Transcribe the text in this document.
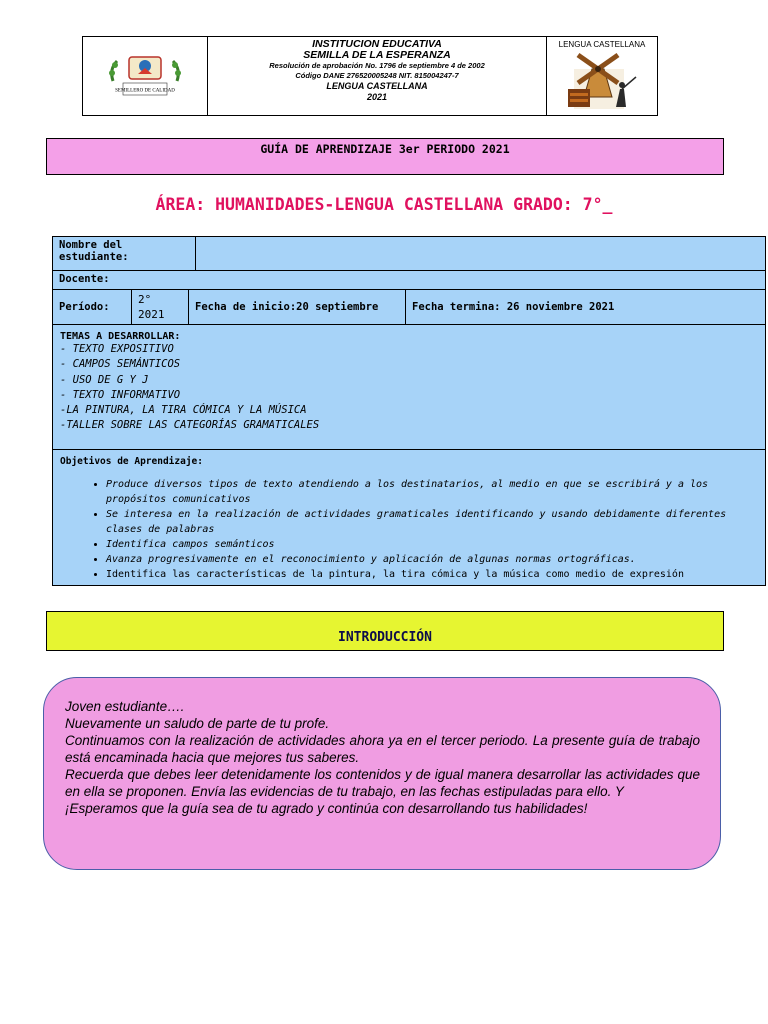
SEMILLERO DE CALIDAD
INSTITUCION EDUCATIVA
SEMILLA DE LA ESPERANZA
Resolución de aprobación No. 1796 de septiembre 4 de 2002
Código DANE 276520005248 NIT. 815004247-7
LENGUA CASTELLANA
2021
LENGUA CASTELLANA
GUÍA DE APRENDIZAJE 3er PERIODO 2021
ÁREA: HUMANIDADES-LENGUA CASTELLANA GRADO: 7°_
Nombre del estudiante:
Docente:
Período:
2° 2021
Fecha de inicio:20 septiembre	Fecha termina: 26 noviembre 2021
TEMAS A DESARROLLAR:
- TEXTO EXPOSITIVO
- CAMPOS SEMÁNTICOS
- USO DE G Y J
- TEXTO INFORMATIVO
-LA PINTURA, LA TIRA CÓMICA Y LA MÚSICA
-TALLER SOBRE LAS CATEGORÍAS GRAMATICALES
Objetivos de Aprendizaje:
• Produce diversos tipos de texto atendiendo a los destinatarios, al medio en que se escribirá y a los propósitos comunicativos
• Se interesa en la realización de actividades gramaticales identificando y usando debidamente diferentes clases de palabras
• Identifica campos semánticos
• Avanza progresivamente en el reconocimiento y aplicación de algunas normas ortográficas.
• Identifica las características de la pintura, la tira cómica y la música como medio de expresión
INTRODUCCIÓN

Joven estudiante….

Nuevamente un saludo de parte de tu profe.

Continuamos con la realización de actividades ahora ya en el tercer periodo. La presente guía de trabajo está encaminada hacia que mejores tus saberes.

Recuerda que debes leer detenidamente los contenidos y de igual manera desarrollar las actividades que en ella se proponen. Envía las evidencias de tu trabajo, en las fechas estipuladas para ello. Y

¡Esperamos que la guía sea de tu agrado y continúa con desarrollando tus habilidades!
